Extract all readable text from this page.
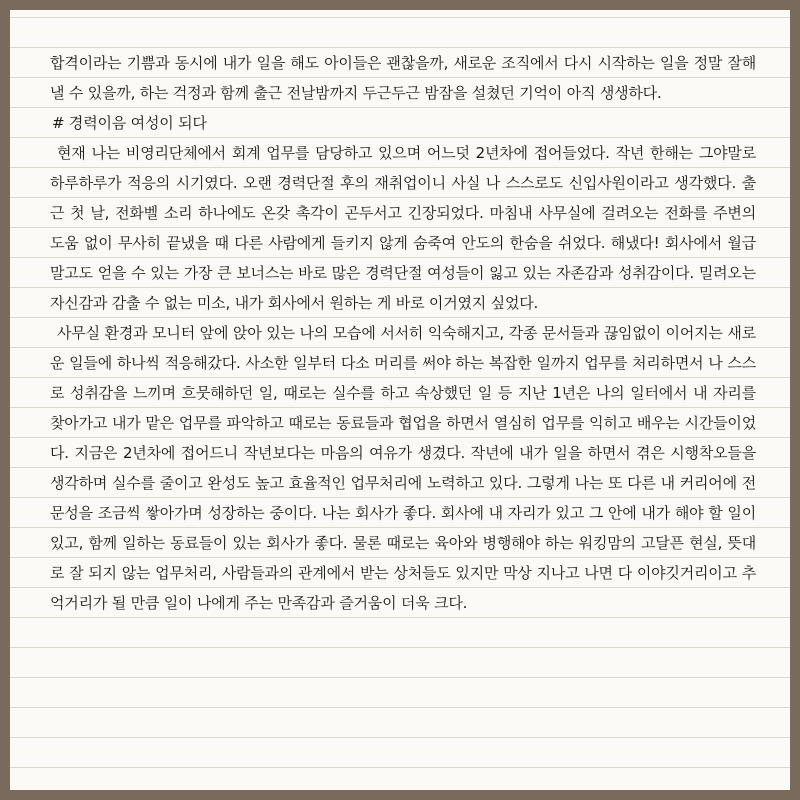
합격이라는 기쁨과 동시에 내가 일을 해도 아이들은 괜찮을까, 새로운 조직에서 다시 시작하는 일을 정말 잘해낼 수 있을까, 하는 걱정과 함께 출근 전날밤까지 두근두근 밤잠을 설쳤던 기억이 아직 생생하다.

# 경력이음 여성이 되다

현재 나는 비영리단체에서 회계 업무를 담당하고 있으며 어느덧 2년차에 접어들었다. 작년 한해는 그야말로 하루하루가 적응의 시기였다. 오랜 경력단절 후의 재취업이니 사실 나 스스로도 신입사원이라고 생각했다. 출근 첫 날, 전화벨 소리 하나에도 온갖 촉각이 곤두서고 긴장되었다. 마침내 사무실에 걸려오는 전화를 주변의 도움 없이 무사히 끝냈을 때 다른 사람에게 들키지 않게 숨죽여 안도의 한숨을 쉬었다. 해냈다! 회사에서 월급 말고도 얻을 수 있는 가장 큰 보너스는 바로 많은 경력단절 여성들이 잃고 있는 자존감과 성취감이다. 밀려오는 자신감과 감출 수 없는 미소, 내가 회사에서 원하는 게 바로 이거였지 싶었다.

사무실 환경과 모니터 앞에 앉아 있는 나의 모습에 서서히 익숙해지고, 각종 문서들과 끊임없이 이어지는 새로운 일들에 하나씩 적응해갔다. 사소한 일부터 다소 머리를 써야 하는 복잡한 일까지 업무를 처리하면서 나 스스로 성취감을 느끼며 흐뭇해하던 일, 때로는 실수를 하고 속상했던 일 등 지난 1년은 나의 일터에서 내 자리를 찾아가고 내가 맡은 업무를 파악하고 때로는 동료들과 협업을 하면서 열심히 업무를 익히고 배우는 시간들이었다. 지금은 2년차에 접어드니 작년보다는 마음의 여유가 생겼다. 작년에 내가 일을 하면서 겪은 시행착오들을 생각하며 실수를 줄이고 완성도 높고 효율적인 업무처리에 노력하고 있다. 그렇게 나는 또 다른 내 커리어에 전문성을 조금씩 쌓아가며 성장하는 중이다. 나는 회사가 좋다. 회사에 내 자리가 있고 그 안에 내가 해야 할 일이 있고, 함께 일하는 동료들이 있는 회사가 좋다. 물론 때로는 육아와 병행해야 하는 워킹맘의 고달픈 현실, 뜻대로 잘 되지 않는 업무처리, 사람들과의 관계에서 받는 상처들도 있지만 막상 지나고 나면 다 이야깃거리이고 추억거리가 될 만큼 일이 나에게 주는 만족감과 즐거움이 더욱 크다.
